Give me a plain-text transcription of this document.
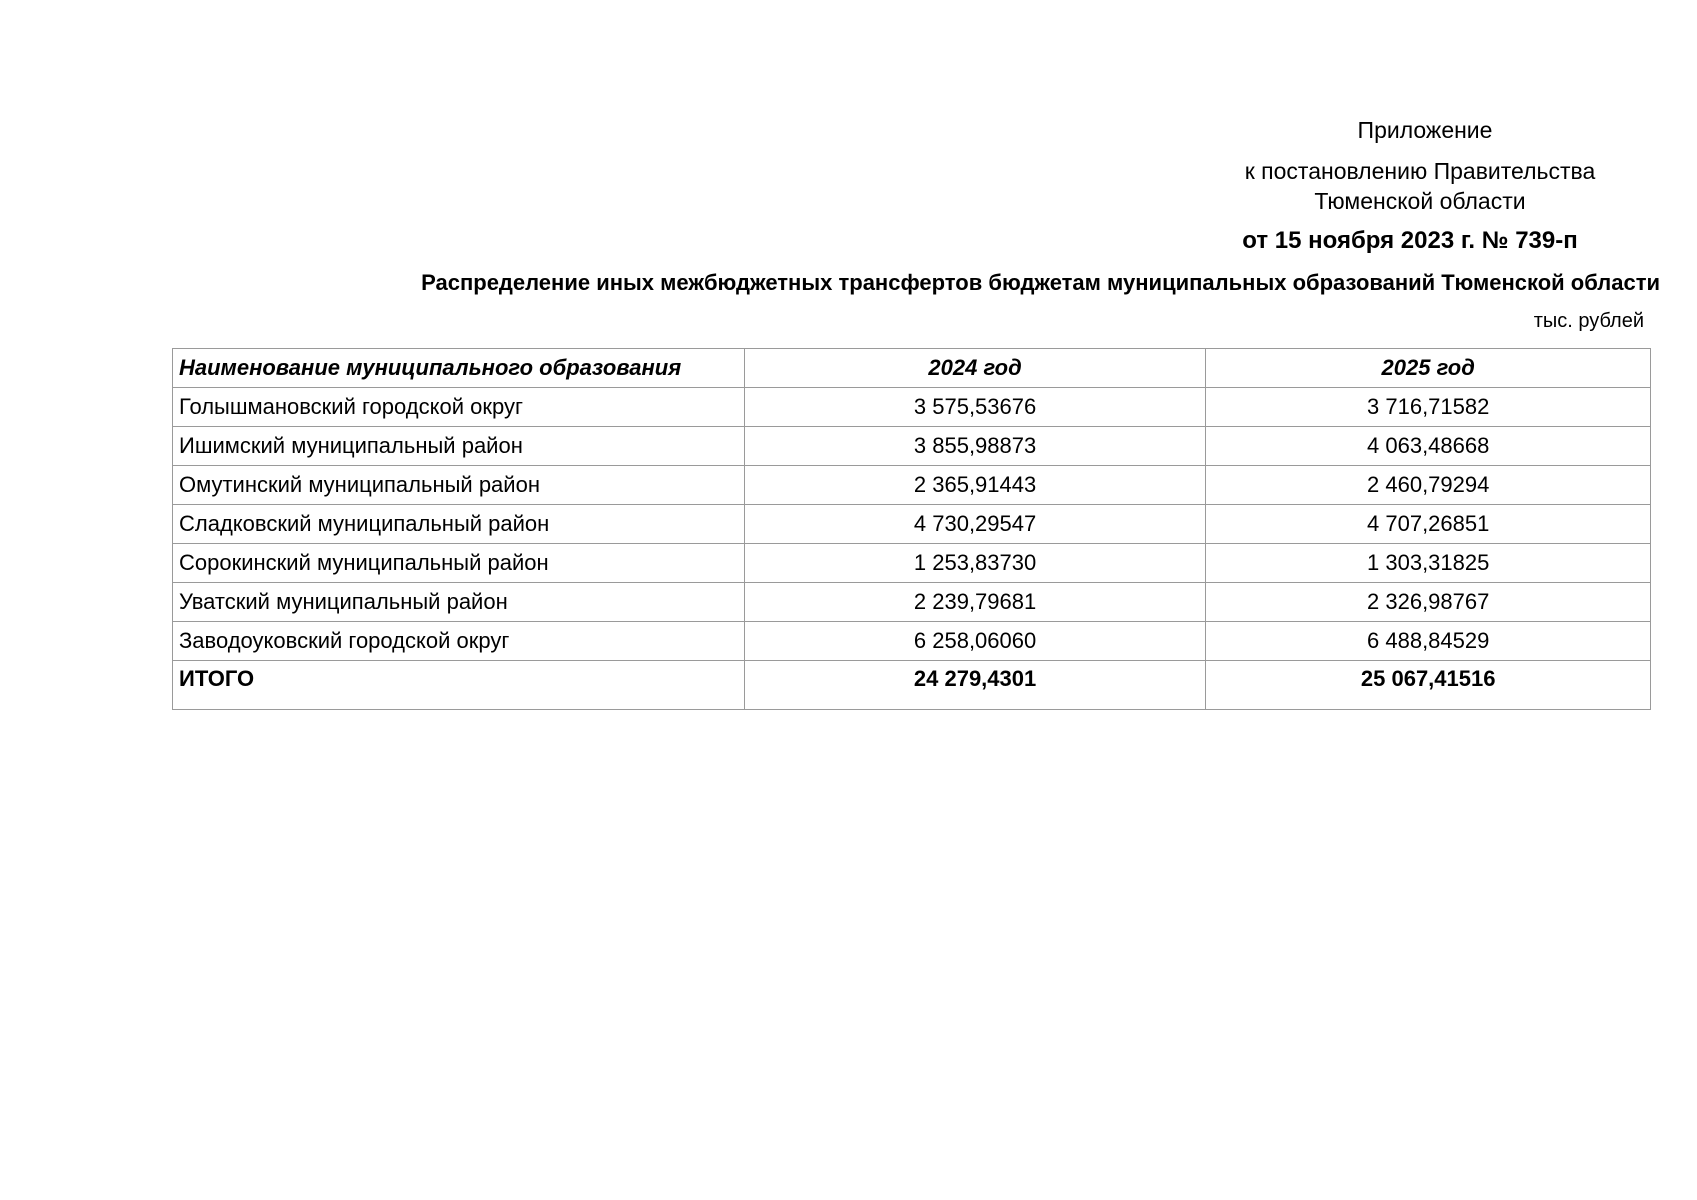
Приложение
к постановлению Правительства
Тюменской области
от 15 ноября 2023 г. № 739-п
Распределение иных межбюджетных трансфертов бюджетам муниципальных образований Тюменской области
тыс. рублей
Наименование муниципального образования	2024 год	2025 год
Голышмановский городской округ	3 575,53676	3 716,71582
Ишимский муниципальный район	3 855,98873	4 063,48668
Омутинский муниципальный район	2 365,91443	2 460,79294
Сладковский муниципальный район	4 730,29547	4 707,26851
Сорокинский муниципальный район	1 253,83730	1 303,31825
Уватский муниципальный район	2 239,79681	2 326,98767
Заводоуковский городской округ	6 258,06060	6 488,84529
ИТОГО	24 279,4301	25 067,41516
